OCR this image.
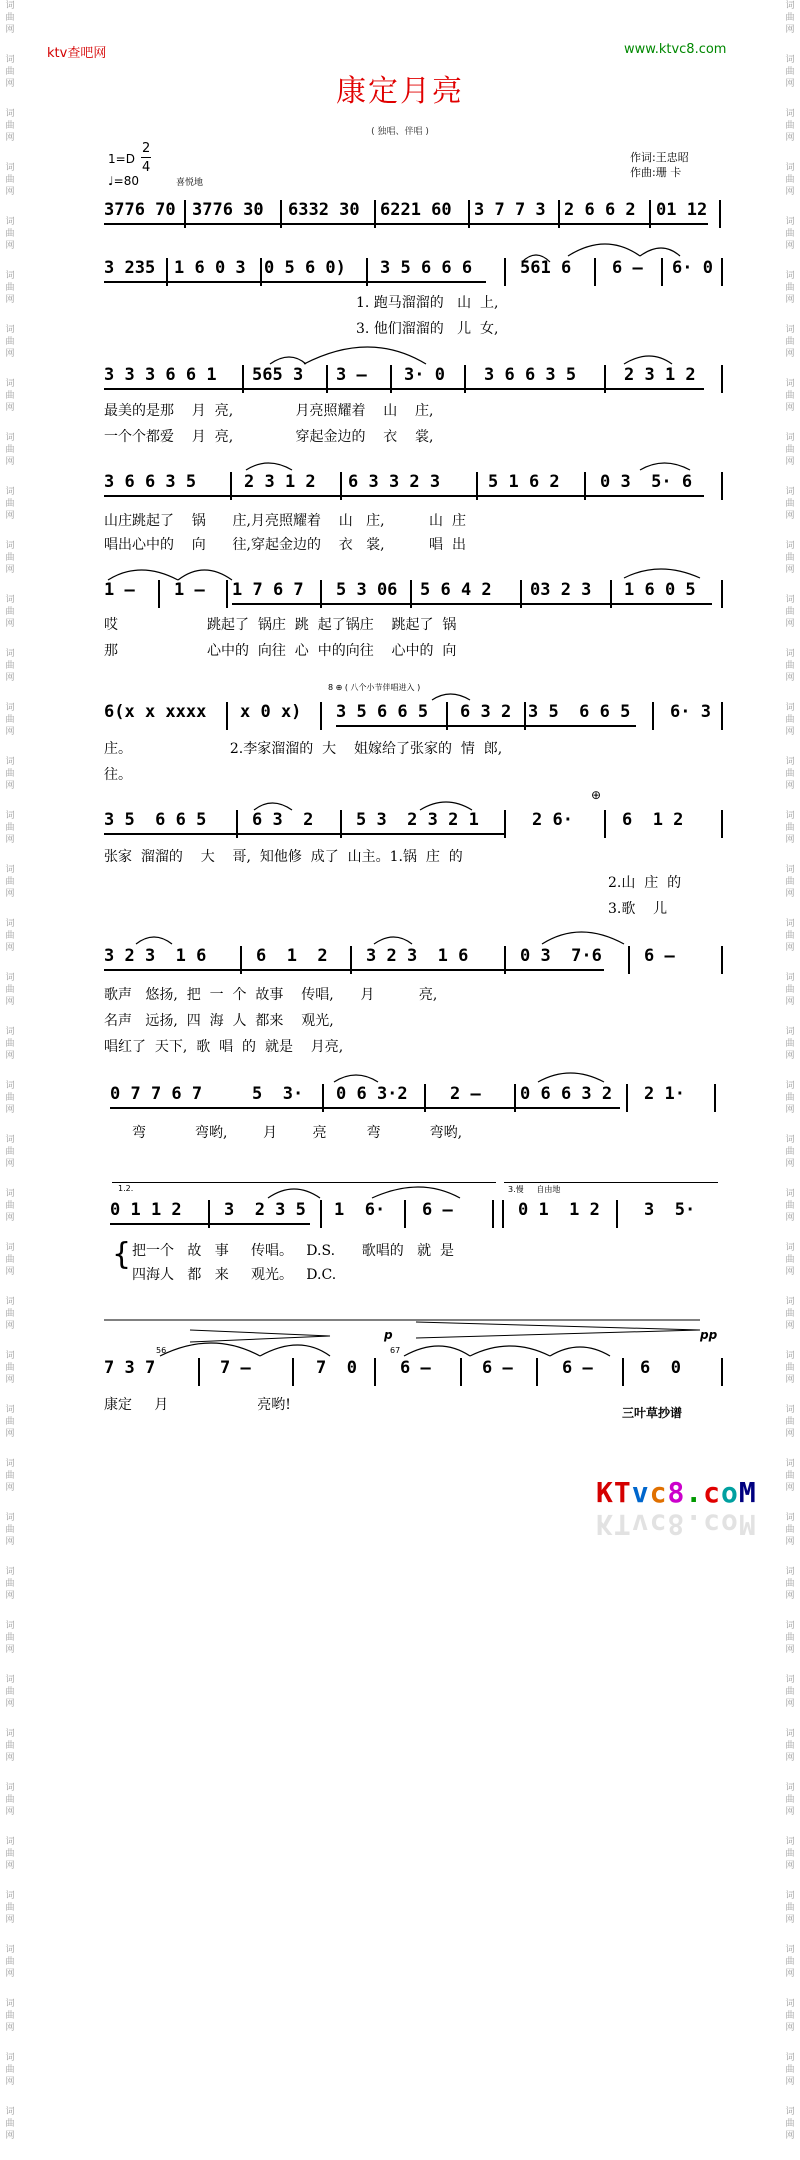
词
曲
网
词
曲
网
词
曲
网
词
曲
网
词
曲
网
词
曲
网
词
曲
网
词
曲
网
词
曲
网
词
曲
网
词
曲
网
词
曲
网
词
曲
网
词
曲
网
词
曲
网
词
曲
网
词
曲
网
词
曲
网
词
曲
网
词
曲
网
词
曲
网
词
曲
网
词
曲
网
词
曲
网
词
曲
网
词
曲
网
词
曲
网
词
曲
网
词
曲
网
词
曲
网
词
曲
网
词
曲
网
词
曲
网
词
曲
网
词
曲
网
词
曲
网
词
曲
网
词
曲
网
词
曲
网
词
曲
网
词
曲
网
词
曲
网
词
曲
网
词
曲
网
词
曲
网
词
曲
网
词
曲
网
词
曲
网
词
曲
网
词
曲
网
词
曲
网
词
曲
网
词
曲
网
词
曲
网
词
曲
网
词
曲
网
词
曲
网
词
曲
网
词
曲
网
词
曲
网
词
曲
网
词
曲
网
词
曲
网
词
曲
网
词
曲
网
词
曲
网
词
曲
网
词
曲
网
词
曲
网
词
曲
网
词
曲
网
词
曲
网
词
曲
网
词
曲
网
词
曲
网
词
曲
网
词
曲
网
词
曲
网
词
曲
网
词
曲
网
ktv查吧网	www.ktvc8.com
康定月亮
( 独唱、伴唱 )
1=D
2
4
♩=80	喜悦地
作词:王忠昭
作曲:珊 卡
3776 70 3776 30 6332 30 6221 60 3 7 7 3 2 6 6 2 01 12
3 235 1 6 0 3 0 5 6 0) 3 5 6 6 6	561 6 6 – 6· 0
1. 跑马溜溜的   山  上,
3. 他们溜溜的   儿  女,
3 3 3 6 6 1 565 3 3 – 3· 0 3 6 6 3 5	2 3 1 2
最美的是那    月  亮,              月亮照耀着    山    庄,
一个个都爱    月  亮,              穿起金边的    衣    裳,
3 6 6 3 5	2 3 1 2 6 3 3 2 3	5 1 6 2 0 3  5· 6
山庄跳起了    锅      庄,月亮照耀着    山   庄,          山  庄
唱出心中的    向      往,穿起金边的    衣   裳,          唱  出
1 – 1 – 1 7 6 7 5 3 06 5 6 4 2 03 2 3 1 6 0 5
哎                    跳起了  锅庄  跳  起了锅庄    跳起了  锅
那                    心中的  向往  心  中的向往    心中的  向
8 ⊕ ( 八个小节伴唱进入 )
6(x x xxxx x 0 x) 3 5 6 6 5 6 3 2 3 5  6 6 5 6· 3
庄。                      2.李家溜溜的  大    姐嫁给了张家的  情  郎,
往。
3 5  6 6 5	6 3  2	5 3  2 3 2 1	2 6·	6  1 2
⊕
张家  溜溜的    大    哥,  知他修  成了  山主。1.锅  庄  的
2.山  庄  的
3.歌    儿
3 2 3  1 6	6  1  2 3 2 3  1 6	0 3  7·6 6 –
歌声   悠扬,  把  一  个  故事    传唱,      月          亮,
名声   远扬,  四  海  人  都来    观光,
唱红了  天下,  歌  唱  的  就是    月亮,
0 7 7 6 7	5  3· 0 6 3·2 2 – 0 6 6 3 2 2 1·
弯           弯哟,        月        亮         弯           弯哟,
1.2.	3.慢     自由地
0 1 1 2 3  2 3 5 1  6· 6 –	0 1  1 2	3  5·
{ 把一个   故   事     传唱。   D.S.      歌唱的   就  是
四海人   都   来     观光。   D.C.
p	pp
56	67
7 3 7	7 –	7  0	6 –	6 –	6 –	6  0
康定     月                    亮哟!	三叶草抄谱
KTvc8.coM
KTvc8.coM
